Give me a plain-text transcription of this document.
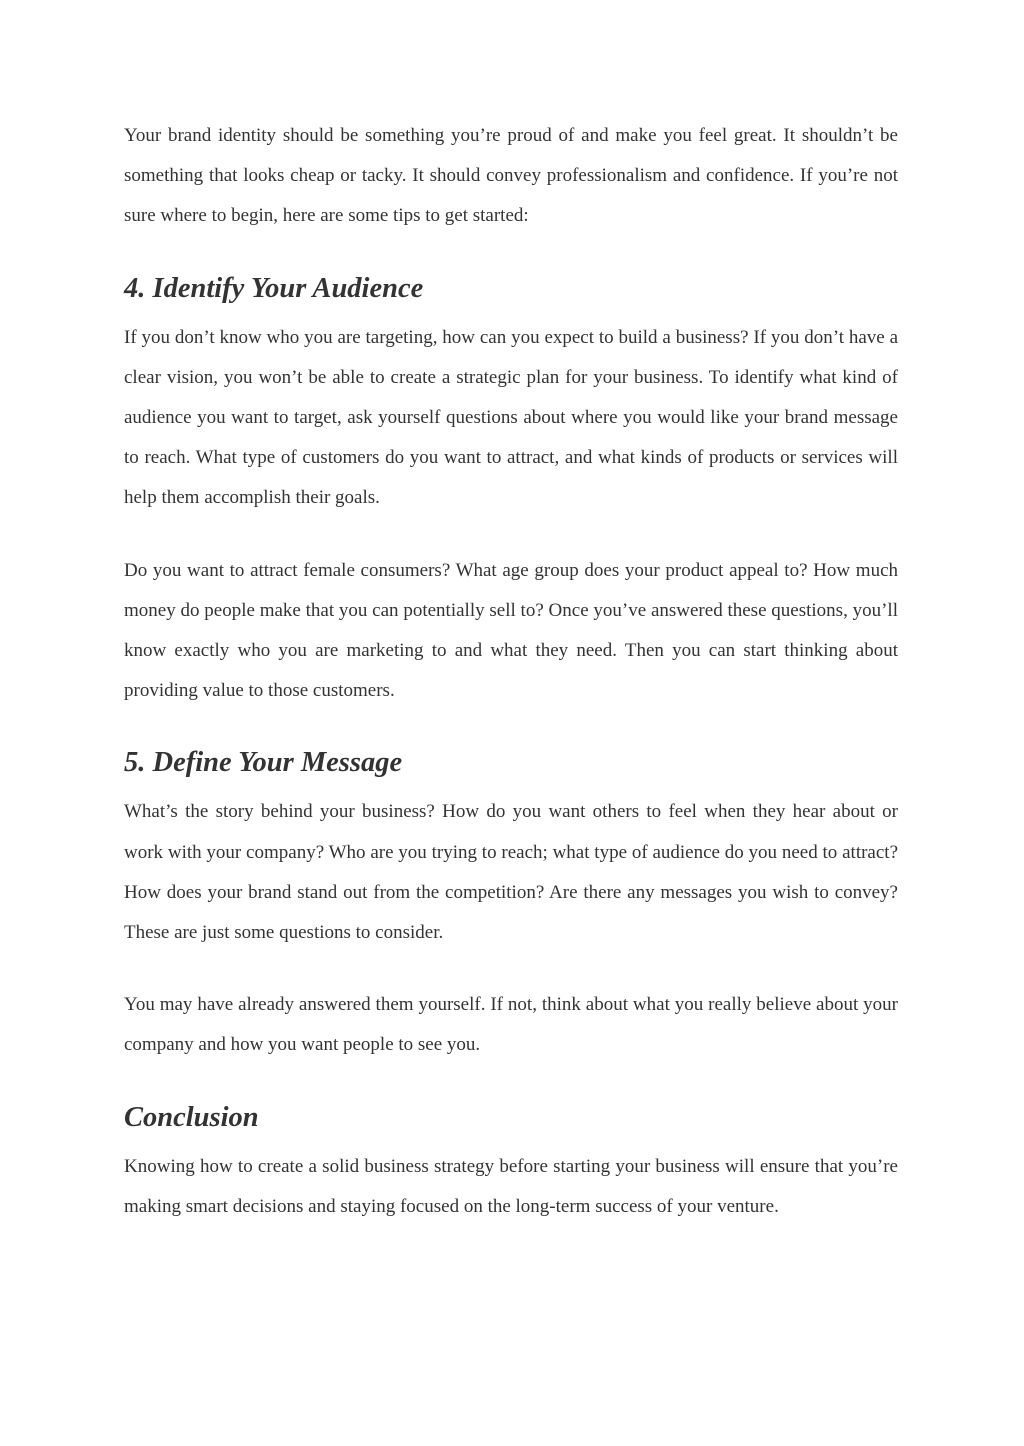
Your brand identity should be something you’re proud of and make you feel great. It shouldn’t be something that looks cheap or tacky. It should convey professionalism and confidence. If you’re not sure where to begin, here are some tips to get started:

4. Identify Your Audience

If you don’t know who you are targeting, how can you expect to build a business? If you don’t have a clear vision, you won’t be able to create a strategic plan for your business. To identify what kind of audience you want to target, ask yourself questions about where you would like your brand message to reach. What type of customers do you want to attract, and what kinds of products or services will help them accomplish their goals.

Do you want to attract female consumers? What age group does your product appeal to? How much money do people make that you can potentially sell to? Once you’ve answered these questions, you’ll know exactly who you are marketing to and what they need. Then you can start thinking about providing value to those customers.

5. Define Your Message

What’s the story behind your business? How do you want others to feel when they hear about or work with your company? Who are you trying to reach; what type of audience do you need to attract? How does your brand stand out from the competition? Are there any messages you wish to convey? These are just some questions to consider.

You may have already answered them yourself. If not, think about what you really believe about your company and how you want people to see you.

Conclusion

Knowing how to create a solid business strategy before starting your business will ensure that you’re making smart decisions and staying focused on the long-term success of your venture.
